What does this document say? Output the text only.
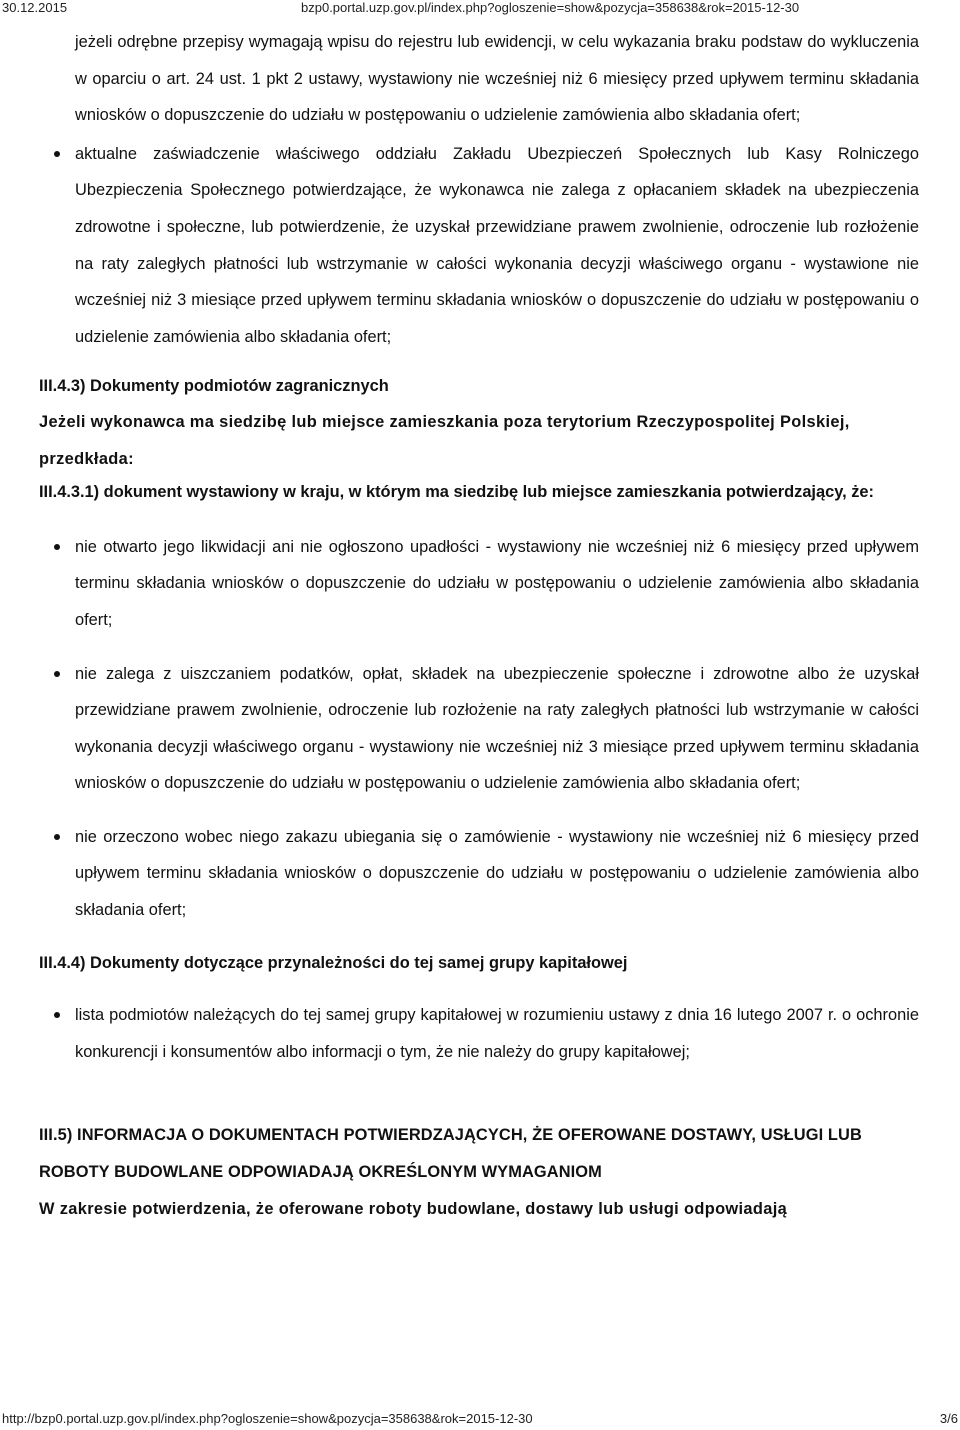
30.12.2015	bzp0.portal.uzp.gov.pl/index.php?ogloszenie=show&pozycja=358638&rok=2015-12-30
jeżeli odrębne przepisy wymagają wpisu do rejestru lub ewidencji, w celu wykazania braku podstaw do wykluczenia w oparciu o art. 24 ust. 1 pkt 2 ustawy, wystawiony nie wcześniej niż 6 miesięcy przed upływem terminu składania wniosków o dopuszczenie do udziału w postępowaniu o udzielenie zamówienia albo składania ofert;
aktualne zaświadczenie właściwego oddziału Zakładu Ubezpieczeń Społecznych lub Kasy Rolniczego Ubezpieczenia Społecznego potwierdzające, że wykonawca nie zalega z opłacaniem składek na ubezpieczenia zdrowotne i społeczne, lub potwierdzenie, że uzyskał przewidziane prawem zwolnienie, odroczenie lub rozłożenie na raty zaległych płatności lub wstrzymanie w całości wykonania decyzji właściwego organu - wystawione nie wcześniej niż 3 miesiące przed upływem terminu składania wniosków o dopuszczenie do udziału w postępowaniu o udzielenie zamówienia albo składania ofert;
III.4.3) Dokumenty podmiotów zagranicznych
Jeżeli wykonawca ma siedzibę lub miejsce zamieszkania poza terytorium Rzeczypospolitej Polskiej, przedkłada:
III.4.3.1) dokument wystawiony w kraju, w którym ma siedzibę lub miejsce zamieszkania potwierdzający, że:
nie otwarto jego likwidacji ani nie ogłoszono upadłości - wystawiony nie wcześniej niż 6 miesięcy przed upływem terminu składania wniosków o dopuszczenie do udziału w postępowaniu o udzielenie zamówienia albo składania ofert;
nie zalega z uiszczaniem podatków, opłat, składek na ubezpieczenie społeczne i zdrowotne albo że uzyskał przewidziane prawem zwolnienie, odroczenie lub rozłożenie na raty zaległych płatności lub wstrzymanie w całości wykonania decyzji właściwego organu - wystawiony nie wcześniej niż 3 miesiące przed upływem terminu składania wniosków o dopuszczenie do udziału w postępowaniu o udzielenie zamówienia albo składania ofert;
nie orzeczono wobec niego zakazu ubiegania się o zamówienie - wystawiony nie wcześniej niż 6 miesięcy przed upływem terminu składania wniosków o dopuszczenie do udziału w postępowaniu o udzielenie zamówienia albo składania ofert;
III.4.4) Dokumenty dotyczące przynależności do tej samej grupy kapitałowej
lista podmiotów należących do tej samej grupy kapitałowej w rozumieniu ustawy z dnia 16 lutego 2007 r. o ochronie konkurencji i konsumentów albo informacji o tym, że nie należy do grupy kapitałowej;
III.5) INFORMACJA O DOKUMENTACH POTWIERDZAJĄCYCH, ŻE OFEROWANE DOSTAWY, USŁUGI LUB ROBOTY BUDOWLANE ODPOWIADAJĄ OKREŚLONYM WYMAGANIOM
W zakresie potwierdzenia, że oferowane roboty budowlane, dostawy lub usługi odpowiadają
http://bzp0.portal.uzp.gov.pl/index.php?ogloszenie=show&pozycja=358638&rok=2015-12-30	3/6
